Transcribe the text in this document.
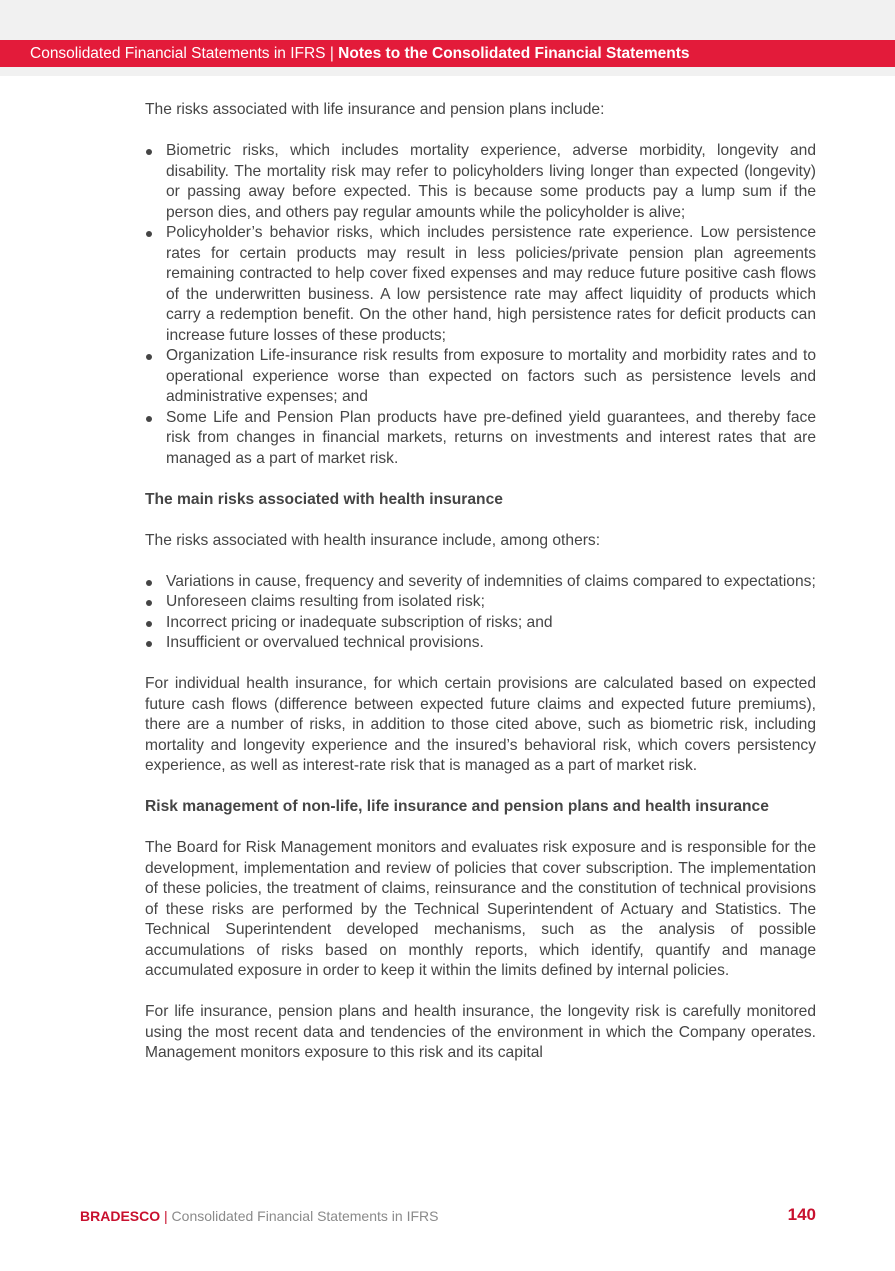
Consolidated Financial Statements in IFRS | Notes to the Consolidated Financial Statements

The risks associated with life insurance and pension plans include:

Biometric risks, which includes mortality experience, adverse morbidity, longevity and disability. The mortality risk may refer to policyholders living longer than expected (longevity) or passing away before expected. This is because some products pay a lump sum if the person dies, and others pay regular amounts while the policyholder is alive;
Policyholder’s behavior risks, which includes persistence rate experience. Low persistence rates for certain products may result in less policies/private pension plan agreements remaining contracted to help cover fixed expenses and may reduce future positive cash flows of the underwritten business. A low persistence rate may affect liquidity of products which carry a redemption benefit. On the other hand, high persistence rates for deficit products can increase future losses of these products;
Organization Life-insurance risk results from exposure to mortality and morbidity rates and to operational experience worse than expected on factors such as persistence levels and administrative expenses; and
Some Life and Pension Plan products have pre-defined yield guarantees, and thereby face risk from changes in financial markets, returns on investments and interest rates that are managed as a part of market risk.
The main risks associated with health insurance

The risks associated with health insurance include, among others:

Variations in cause, frequency and severity of indemnities of claims compared to expectations;
Unforeseen claims resulting from isolated risk;
Incorrect pricing or inadequate subscription of risks; and
Insufficient or overvalued technical provisions.

For individual health insurance, for which certain provisions are calculated based on expected future cash flows (difference between expected future claims and expected future premiums), there are a number of risks, in addition to those cited above, such as biometric risk, including mortality and longevity experience and the insured’s behavioral risk, which covers persistency experience, as well as interest-rate risk that is managed as a part of market risk.

Risk management of non-life, life insurance and pension plans and health insurance

The Board for Risk Management monitors and evaluates risk exposure and is responsible for the development, implementation and review of policies that cover subscription. The implementation of these policies, the treatment of claims, reinsurance and the constitution of technical provisions of these risks are performed by the Technical Superintendent of Actuary and Statistics. The Technical Superintendent developed mechanisms, such as the analysis of possible accumulations of risks based on monthly reports, which identify, quantify and manage accumulated exposure in order to keep it within the limits defined by internal policies.

For life insurance, pension plans and health insurance, the longevity risk is carefully monitored using the most recent data and tendencies of the environment in which the Company operates. Management monitors exposure to this risk and its capital

BRADESCO | Consolidated Financial Statements in IFRS	140
